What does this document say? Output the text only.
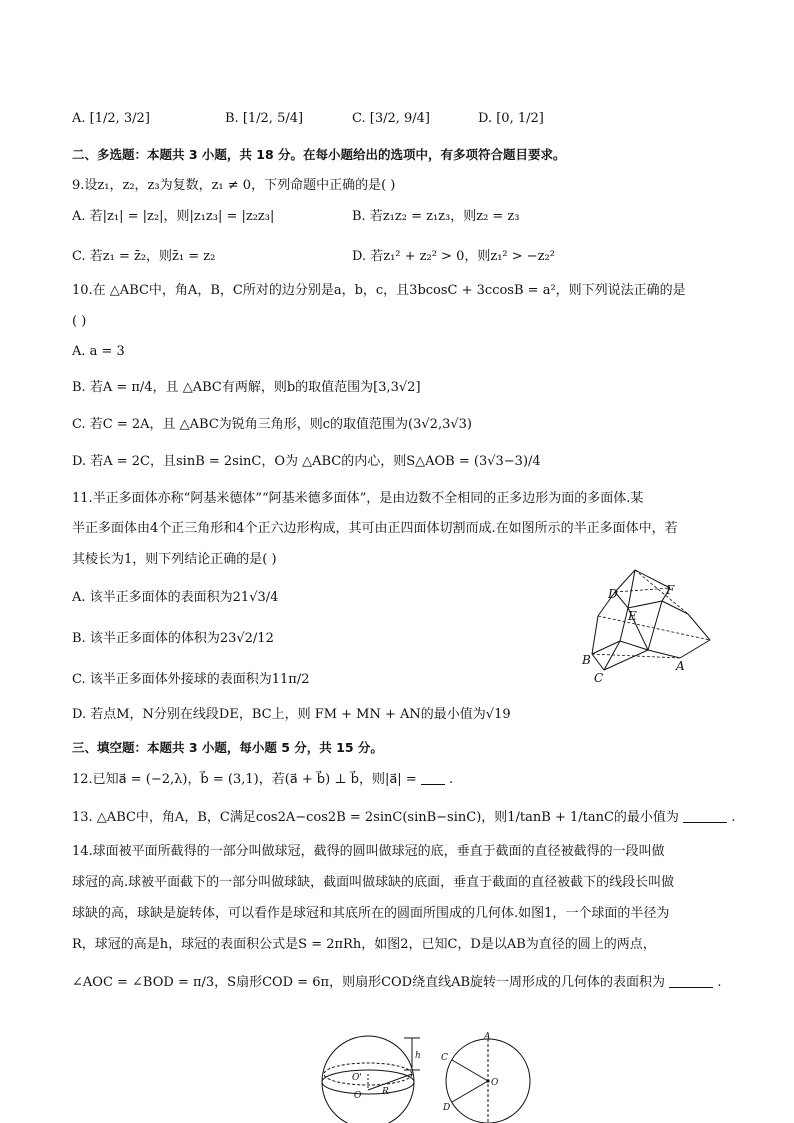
A. [1/2, 3/2]	B. [1/2, 5/4]	C. [3/2, 9/4]	D. [0, 1/2]
二、多选题：本题共 3 小题，共 18 分。在每小题给出的选项中，有多项符合题目要求。
9.设z₁，z₂，z₃为复数，z₁ ≠ 0，下列命题中正确的是( )
A. 若|z₁| = |z₂|，则|z₁z₃| = |z₂z₃|	B. 若z₁z₂ = z₁z₃，则z₂ = z₃
C. 若z₁ = z̄₂，则z̄₁ = z₂	D. 若z₁² + z₂² > 0，则z₁² > −z₂²
10.在 △ABC中，角A，B，C所对的边分别是a，b，c，且3bcosC + 3ccosB = a²，则下列说法正确的是
( )
A. a = 3
B. 若A = π/4，且 △ABC有两解，则b的取值范围为[3,3√2]
C. 若C = 2A，且 △ABC为锐角三角形，则c的取值范围为(3√2,3√3)
D. 若A = 2C，且sinB = 2sinC，O为 △ABC的内心，则S△AOB = (3√3−3)/4
11.半正多面体亦称“阿基米德体”“阿基米德多面体”，是由边数不全相同的正多边形为面的多面体.某
半正多面体由4个正三角形和4个正六边形构成，其可由正四面体切割而成.在如图所示的半正多面体中，若
其棱长为1，则下列结论正确的是( )
A. 该半正多面体的表面积为21√3/4
B. 该半正多面体的体积为23√2/12
C. 该半正多面体外接球的表面积为11π/2
D. 若点M，N分别在线段DE，BC上，则 FM + MN + AN的最小值为√19
D	F
E
B
C
A
三、填空题：本题共 3 小题，每小题 5 分，共 15 分。
12.已知a⃗ = (−2,λ)，b⃗ = (3,1)，若(a⃗ + b⃗) ⊥ b⃗，则|a⃗| = .
13. △ABC中，角A，B，C满足cos2A−cos2B = 2sinC(sinB−sinC)，则1/tanB + 1/tanC的最小值为	.
14.球面被平面所截得的一部分叫做球冠，截得的圆叫做球冠的底，垂直于截面的直径被截得的一段叫做
球冠的高.球被平面截下的一部分叫做球缺，截面叫做球缺的底面，垂直于截面的直径被截下的线段长叫做
球缺的高，球缺是旋转体，可以看作是球冠和其底所在的圆面所围成的几何体.如图1，一个球面的半径为
R，球冠的高是h，球冠的表面积公式是S = 2πRh，如图2，已知C，D是以AB为直径的圆上的两点，
∠AOC = ∠BOD = π/3，S扇形COD = 6π，则扇形COD绕直线AB旋转一周形成的几何体的表面积为	.
h
O'
O R
A
C
O
D
